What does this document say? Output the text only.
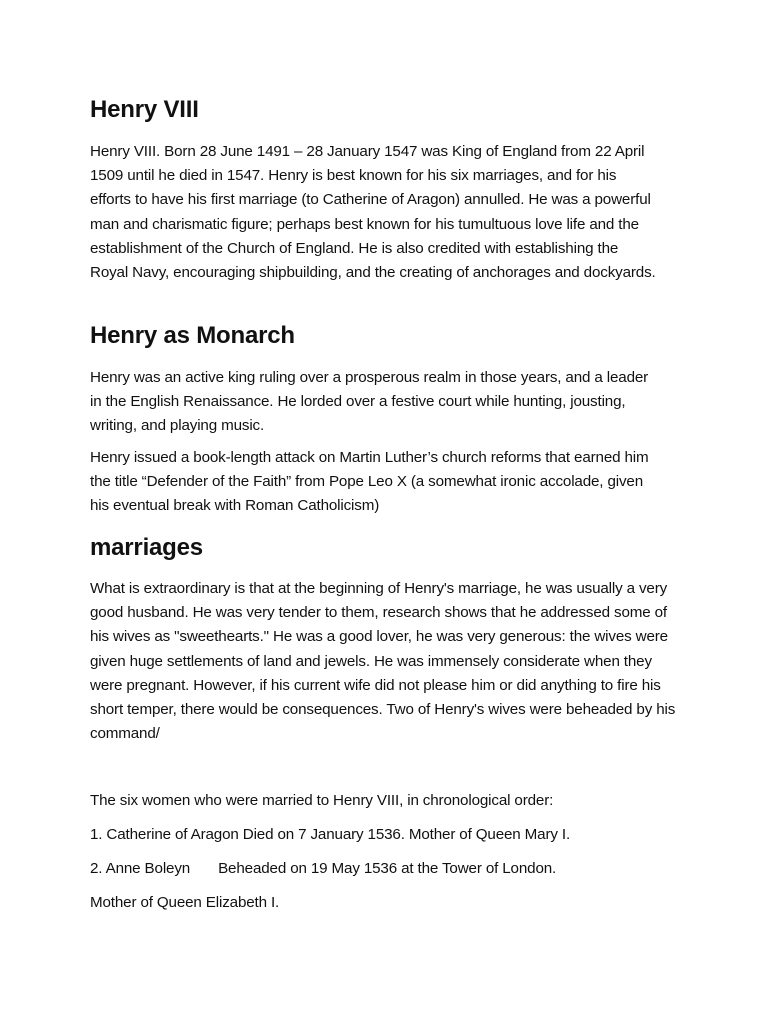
Henry VIII

Henry VIII. Born 28 June 1491 – 28 January 1547 was King of England from 22 April 1509 until he died in 1547. Henry is best known for his six marriages, and for his efforts to have his first marriage (to Catherine of Aragon) annulled. He was a powerful man and charismatic figure; perhaps best known for his tumultuous love life and the establishment of the Church of England. He is also credited with establishing the Royal Navy, encouraging shipbuilding, and the creating of anchorages and dockyards.

Henry as Monarch

Henry was an active king ruling over a prosperous realm in those years, and a leader in the English Renaissance. He lorded over a festive court while hunting, jousting, writing, and playing music.

Henry issued a book-length attack on Martin Luther’s church reforms that earned him the title “Defender of the Faith” from Pope Leo X (a somewhat ironic accolade, given his eventual break with Roman Catholicism)

marriages

What is extraordinary is that at the beginning of Henry's marriage, he was usually a very good husband. He was very tender to them, research shows that he addressed some of his wives as "sweethearts." He was a good lover, he was very generous: the wives were given huge settlements of land and jewels. He was immensely considerate when they were pregnant. However, if his current wife did not please him or did anything to fire his short temper, there would be consequences. Two of Henry's wives were beheaded by his command/

The six women who were married to Henry VIII, in chronological order:

1. Catherine of Aragon Died on 7 January 1536. Mother of Queen Mary I.

2. Anne Boleyn Beheaded on 19 May 1536 at the Tower of London.

Mother of Queen Elizabeth I.
